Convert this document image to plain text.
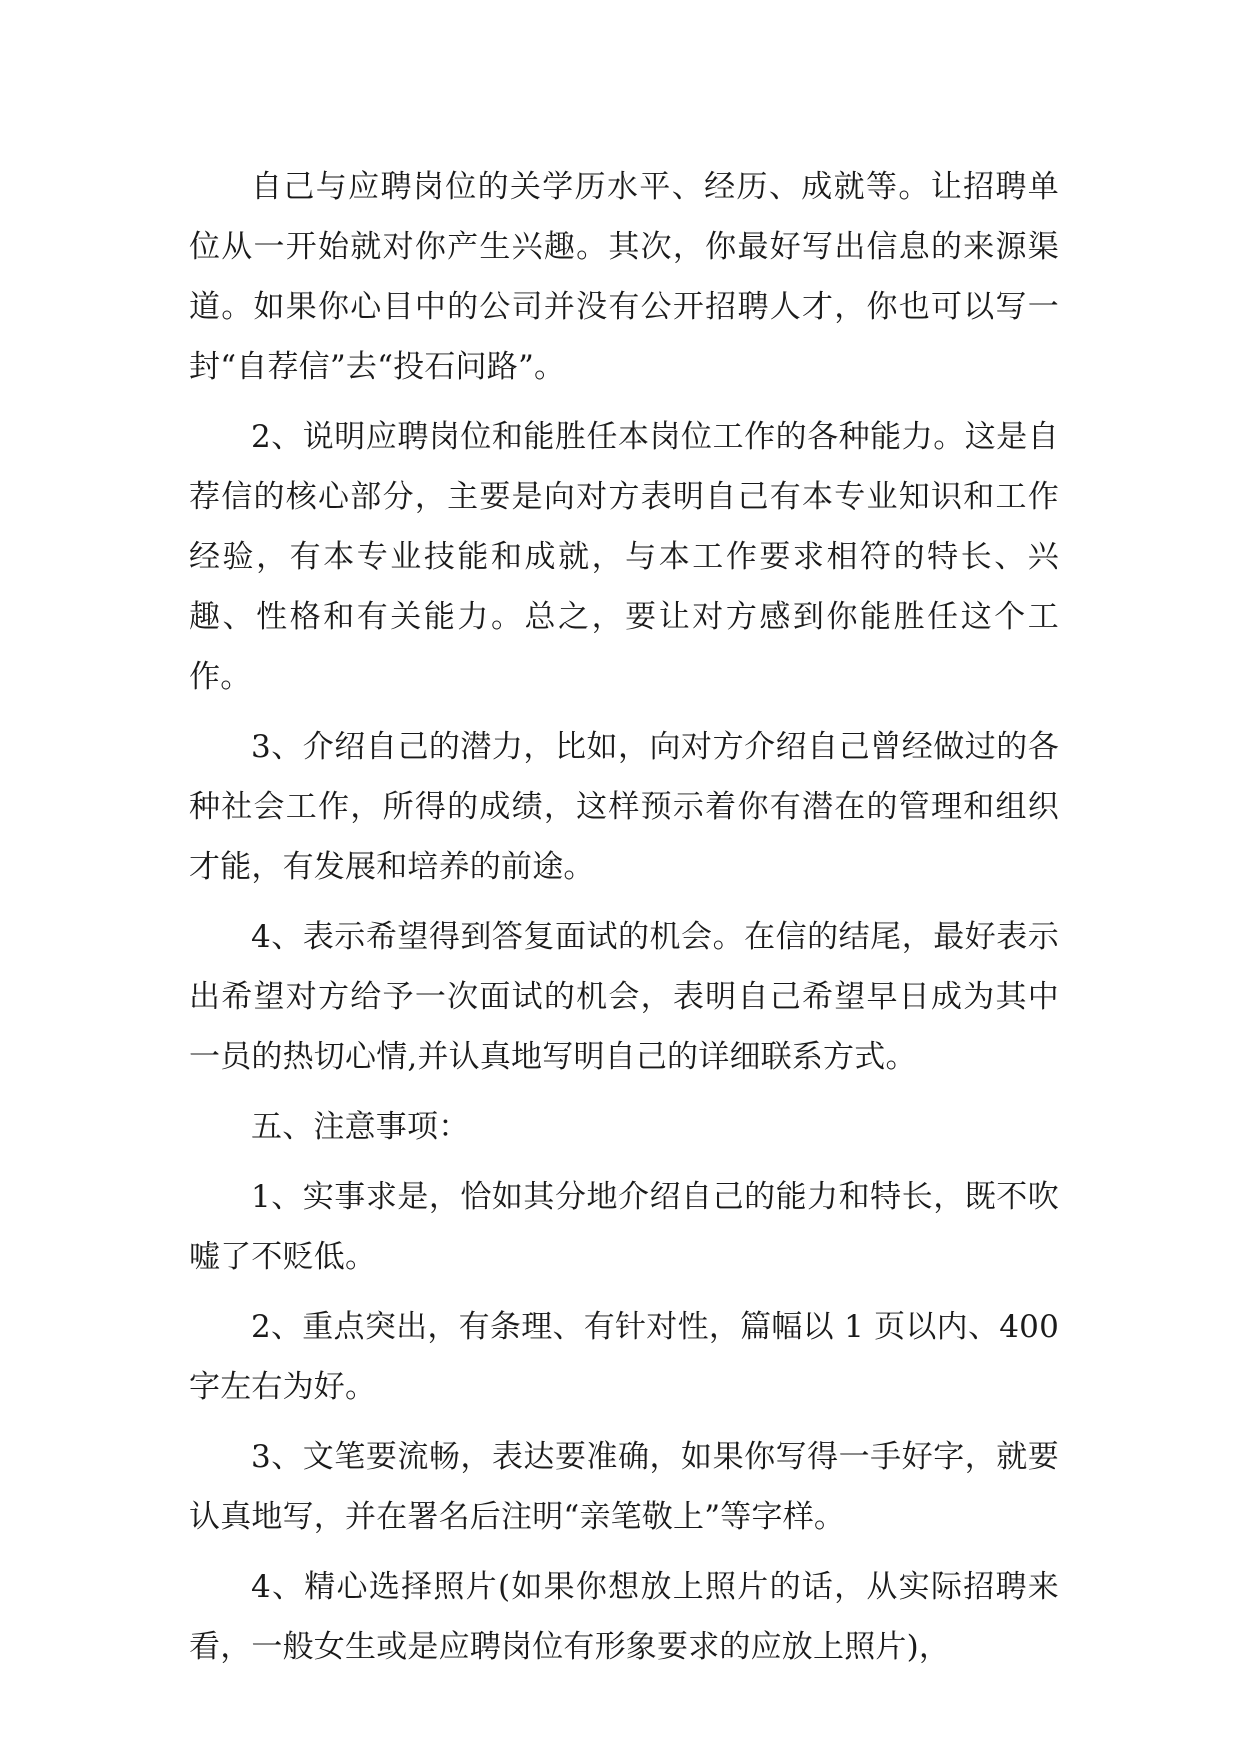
自己与应聘岗位的关学历水平、经历、成就等。让招聘单位从一开始就对你产生兴趣。其次，你最好写出信息的来源渠道。如果你心目中的公司并没有公开招聘人才，你也可以写一封“自荐信”去“投石问路”。

2、说明应聘岗位和能胜任本岗位工作的各种能力。这是自荐信的核心部分，主要是向对方表明自己有本专业知识和工作经验，有本专业技能和成就，与本工作要求相符的特长、兴趣、性格和有关能力。总之，要让对方感到你能胜任这个工作。

3、介绍自己的潜力，比如，向对方介绍自己曾经做过的各种社会工作，所得的成绩，这样预示着你有潜在的管理和组织才能，有发展和培养的前途。

4、表示希望得到答复面试的机会。在信的结尾，最好表示出希望对方给予一次面试的机会，表明自己希望早日成为其中一员的热切心情,并认真地写明自己的详细联系方式。

五、注意事项：

1、实事求是，恰如其分地介绍自己的能力和特长，既不吹嘘了不贬低。

2、重点突出，有条理、有针对性，篇幅以 1 页以内、400 字左右为好。

3、文笔要流畅，表达要准确，如果你写得一手好字，就要认真地写，并在署名后注明“亲笔敬上”等字样。

4、精心选择照片(如果你想放上照片的话，从实际招聘来看，一般女生或是应聘岗位有形象要求的应放上照片)，
